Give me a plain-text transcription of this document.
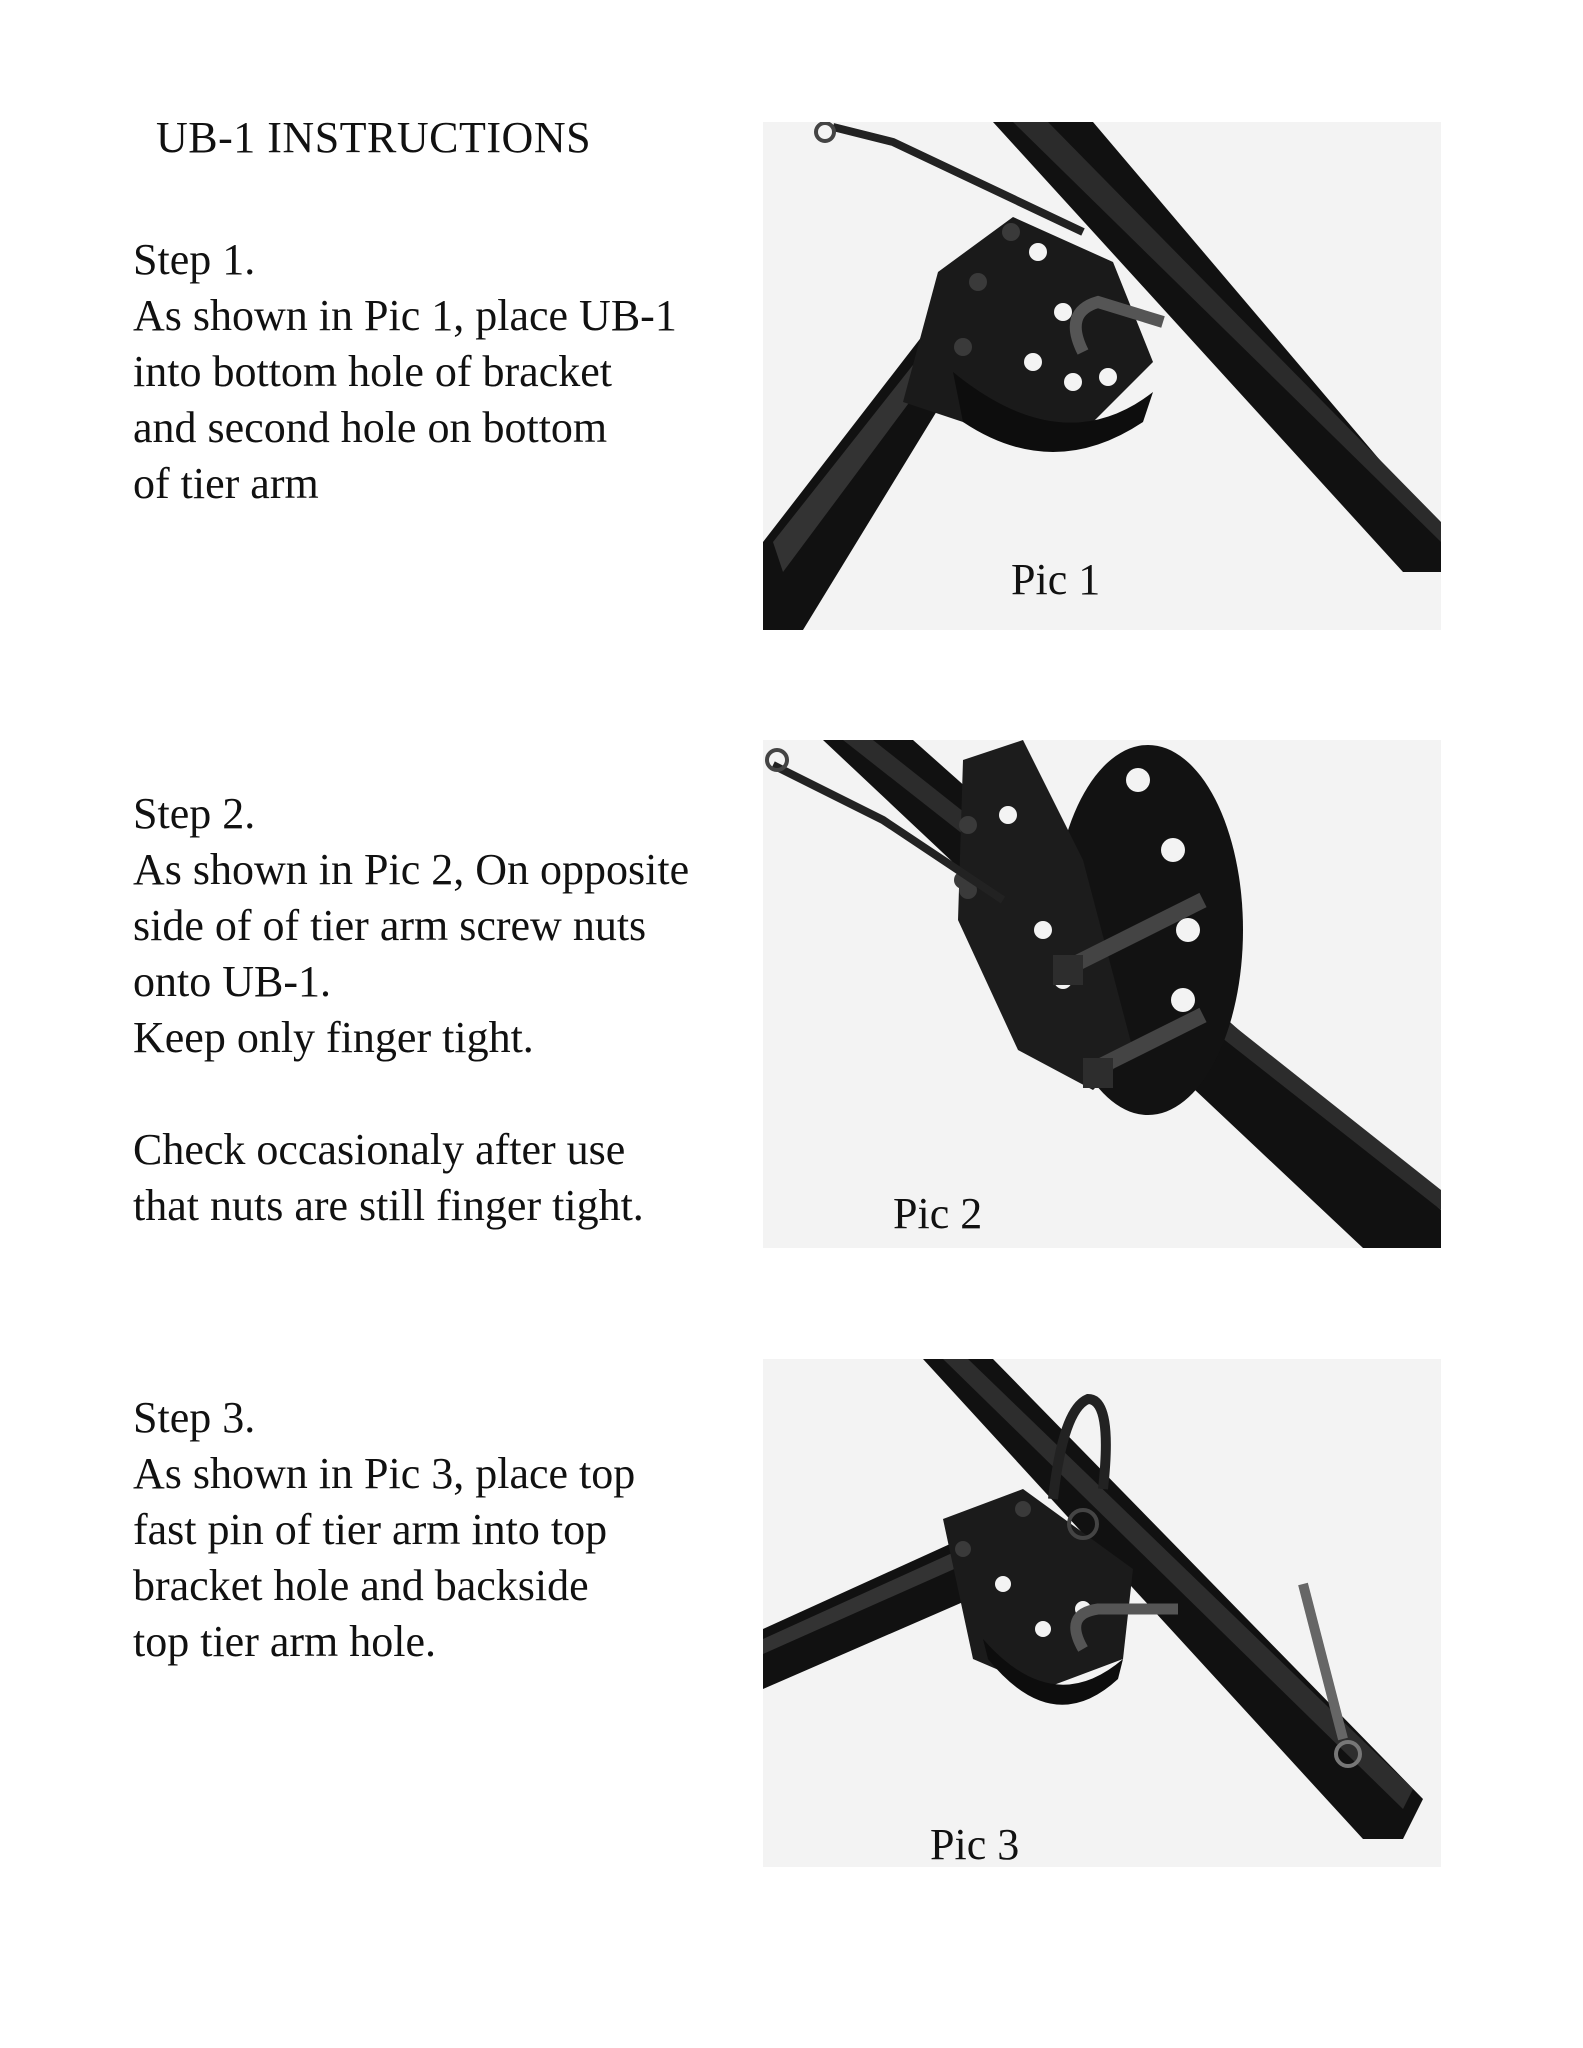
UB-1 INSTRUCTIONS
Step 1.
As shown in Pic 1, place UB-1
into bottom hole of bracket
and second hole on bottom
of tier arm
Step 2.
As shown in Pic 2, On opposite
side of of tier arm screw nuts
onto UB-1.
Keep only finger tight.
Check occasionaly after use
that nuts are still finger tight.
Step 3.
As shown in Pic 3, place top
fast pin of tier arm into top
bracket hole and backside
top tier arm hole.
Pic 1
Pic 2
Pic 3
